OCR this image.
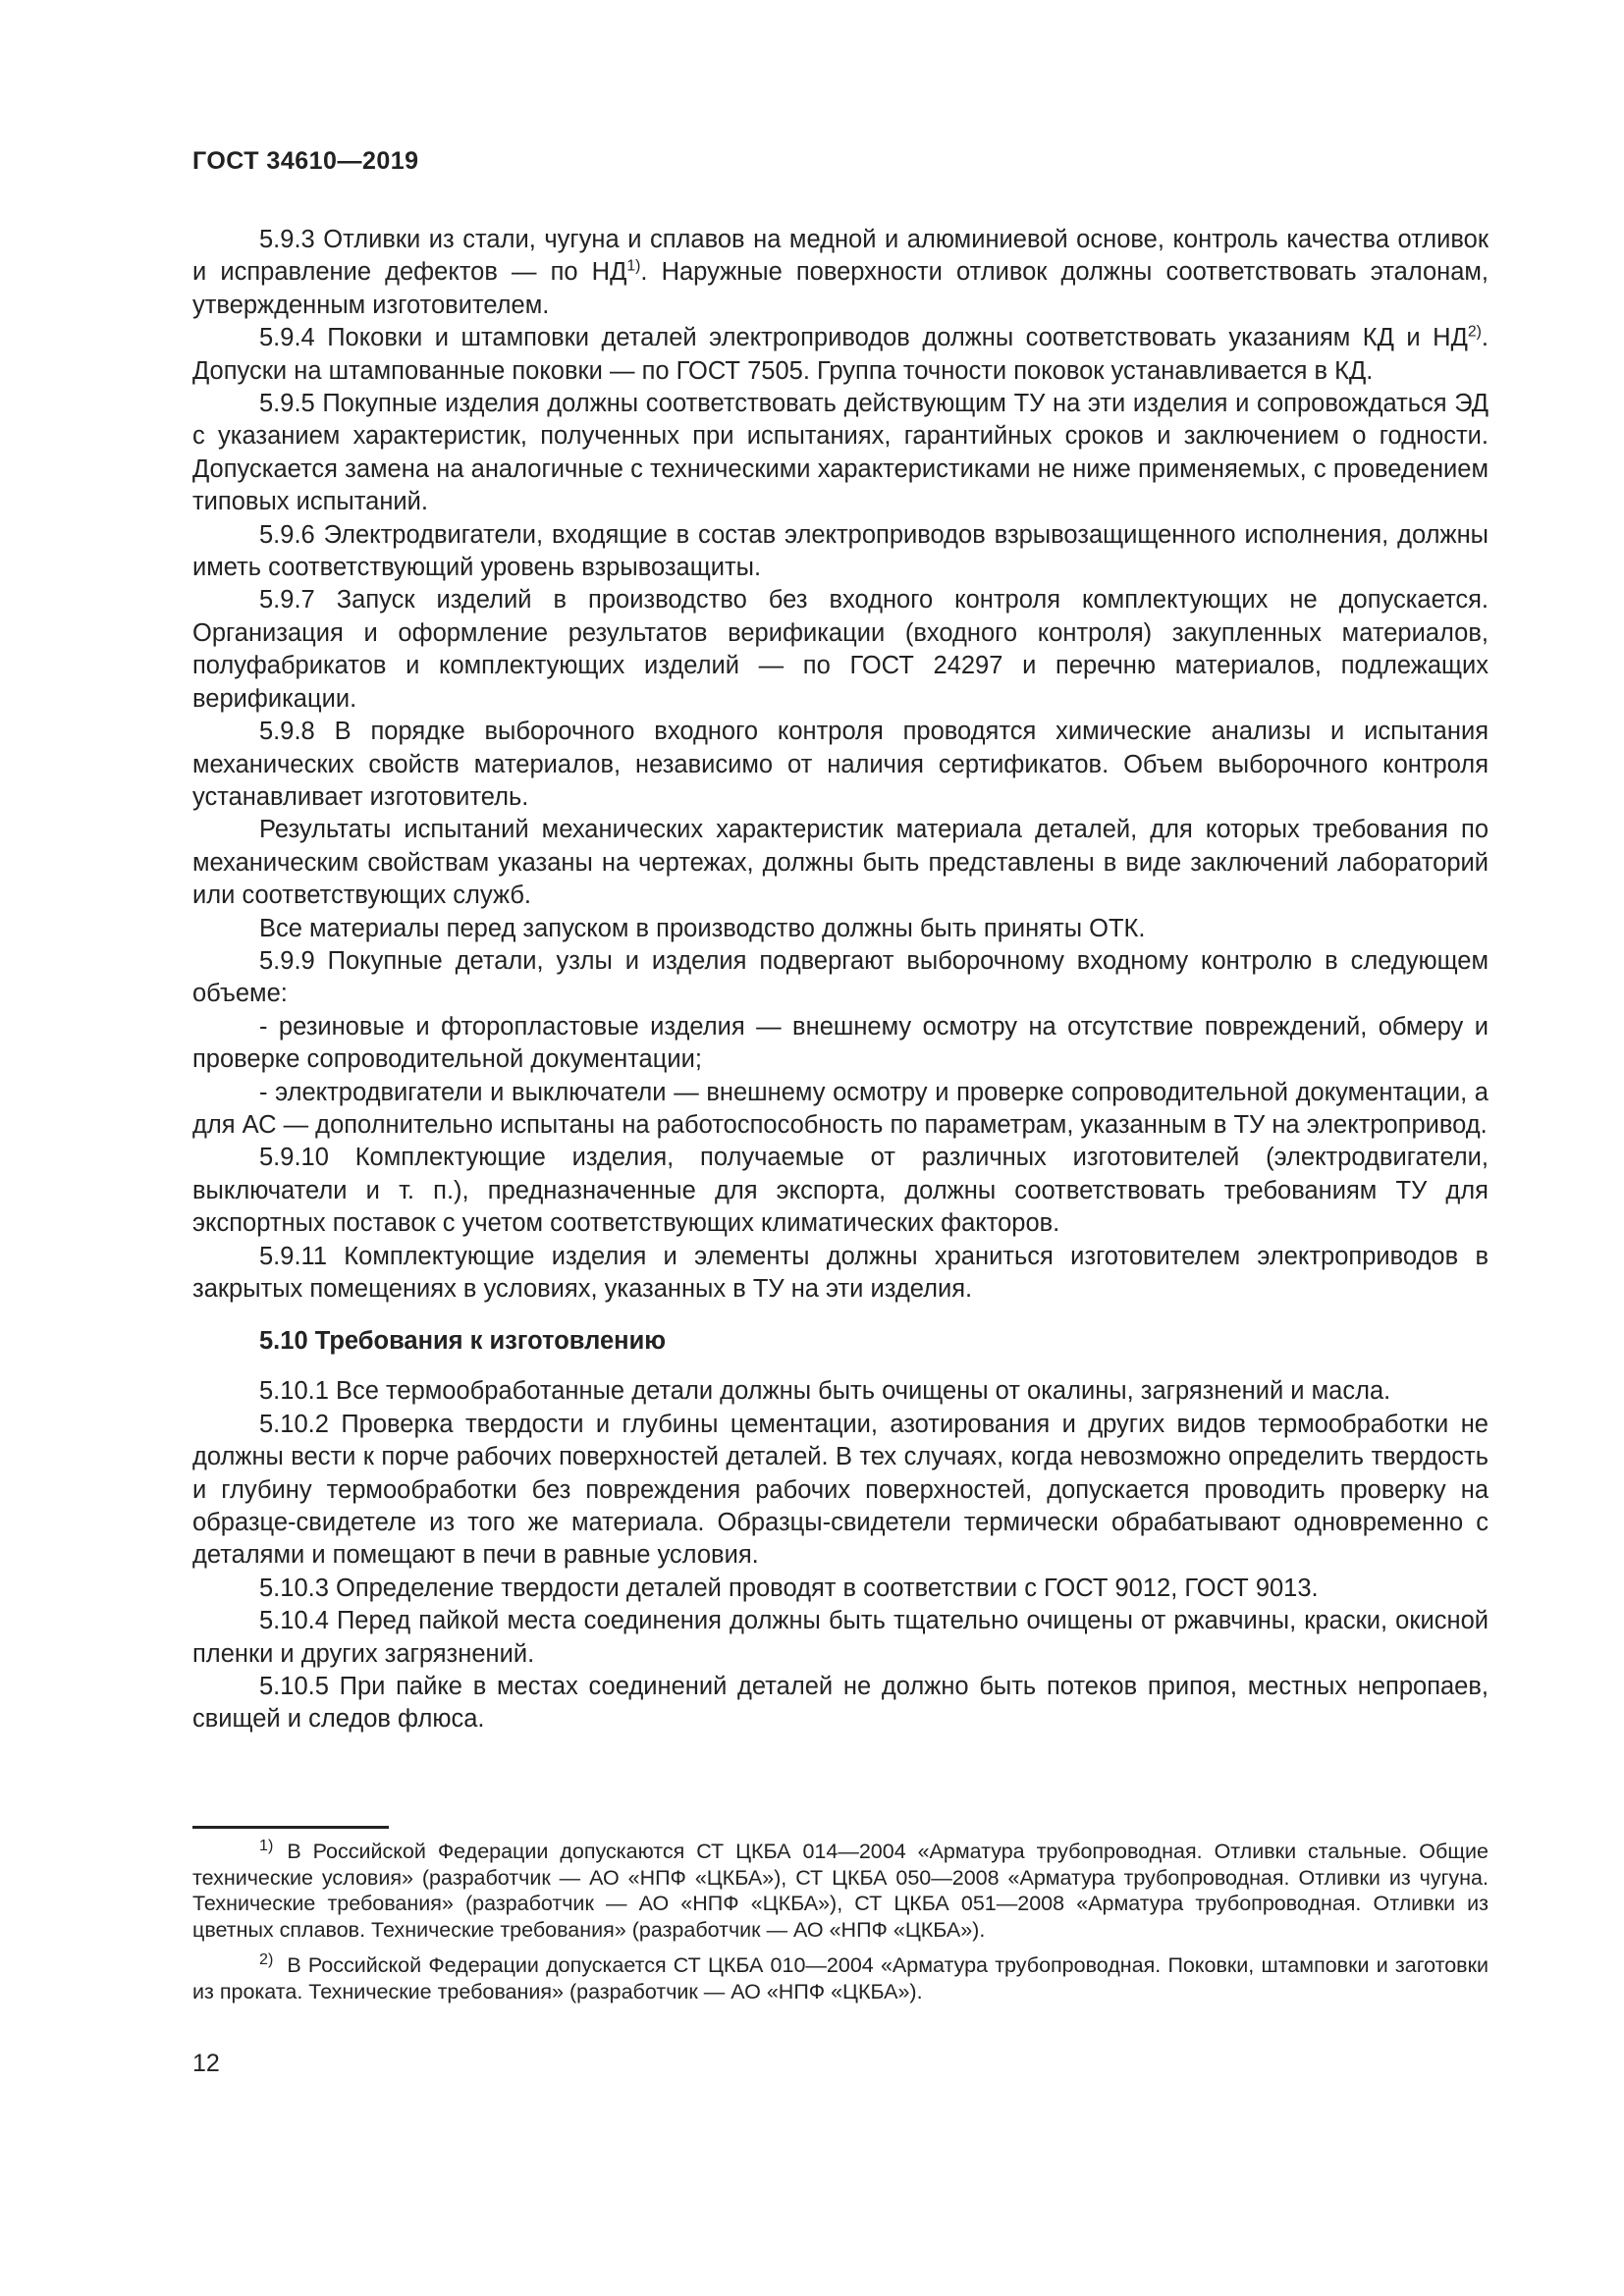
ГОСТ 34610—2019

5.9.3 Отливки из стали, чугуна и сплавов на медной и алюминиевой основе, контроль качества отливок и исправление дефектов — по НД$^{1)}$. Наружные поверхности отливок должны соответствовать эталонам, утвержденным изготовителем.

5.9.4 Поковки и штамповки деталей электроприводов должны соответствовать указаниям КД и НД$^{2)}$. Допуски на штампованные поковки — по ГОСТ 7505. Группа точности поковок устанавливается в КД.

5.9.5 Покупные изделия должны соответствовать действующим ТУ на эти изделия и сопровождаться ЭД с указанием характеристик, полученных при испытаниях, гарантийных сроков и заключением о годности. Допускается замена на аналогичные с техническими характеристиками не ниже применяемых, с проведением типовых испытаний.

5.9.6 Электродвигатели, входящие в состав электроприводов взрывозащищенного исполнения, должны иметь соответствующий уровень взрывозащиты.

5.9.7 Запуск изделий в производство без входного контроля комплектующих не допускается. Организация и оформление результатов верификации (входного контроля) закупленных материалов, полуфабрикатов и комплектующих изделий — по ГОСТ 24297 и перечню материалов, подлежащих верификации.

5.9.8 В порядке выборочного входного контроля проводятся химические анализы и испытания механических свойств материалов, независимо от наличия сертификатов. Объем выборочного контроля устанавливает изготовитель.

Результаты испытаний механических характеристик материала деталей, для которых требования по механическим свойствам указаны на чертежах, должны быть представлены в виде заключений лабораторий или соответствующих служб.

Все материалы перед запуском в производство должны быть приняты ОТК.

5.9.9 Покупные детали, узлы и изделия подвергают выборочному входному контролю в следующем объеме:

- резиновые и фторопластовые изделия — внешнему осмотру на отсутствие повреждений, обмеру и проверке сопроводительной документации;

- электродвигатели и выключатели — внешнему осмотру и проверке сопроводительной документации, а для АС — дополнительно испытаны на работоспособность по параметрам, указанным в ТУ на электропривод.

5.9.10 Комплектующие изделия, получаемые от различных изготовителей (электродвигатели, выключатели и т. п.), предназначенные для экспорта, должны соответствовать требованиям ТУ для экспортных поставок с учетом соответствующих климатических факторов.

5.9.11 Комплектующие изделия и элементы должны храниться изготовителем электроприводов в закрытых помещениях в условиях, указанных в ТУ на эти изделия.

5.10 Требования к изготовлению

5.10.1 Все термообработанные детали должны быть очищены от окалины, загрязнений и масла.

5.10.2 Проверка твердости и глубины цементации, азотирования и других видов термообработки не должны вести к порче рабочих поверхностей деталей. В тех случаях, когда невозможно определить твердость и глубину термообработки без повреждения рабочих поверхностей, допускается проводить проверку на образце-свидетеле из того же материала. Образцы-свидетели термически обрабатывают одновременно с деталями и помещают в печи в равные условия.

5.10.3 Определение твердости деталей проводят в соответствии с ГОСТ 9012, ГОСТ 9013.

5.10.4 Перед пайкой места соединения должны быть тщательно очищены от ржавчины, краски, окисной пленки и других загрязнений.

5.10.5 При пайке в местах соединений деталей не должно быть потеков припоя, местных непропаев, свищей и следов флюса.

$^{1)}$ В Российской Федерации допускаются СТ ЦКБА 014—2004 «Арматура трубопроводная. Отливки стальные. Общие технические условия» (разработчик — АО «НПФ «ЦКБА»), СТ ЦКБА 050—2008 «Арматура трубопроводная. Отливки из чугуна. Технические требования» (разработчик — АО «НПФ «ЦКБА»), СТ ЦКБА 051—2008 «Арматура трубопроводная. Отливки из цветных сплавов. Технические требования» (разработчик — АО «НПФ «ЦКБА»).

$^{2)}$ В Российской Федерации допускается СТ ЦКБА 010—2004 «Арматура трубопроводная. Поковки, штамповки и заготовки из проката. Технические требования» (разработчик — АО «НПФ «ЦКБА»).

12
